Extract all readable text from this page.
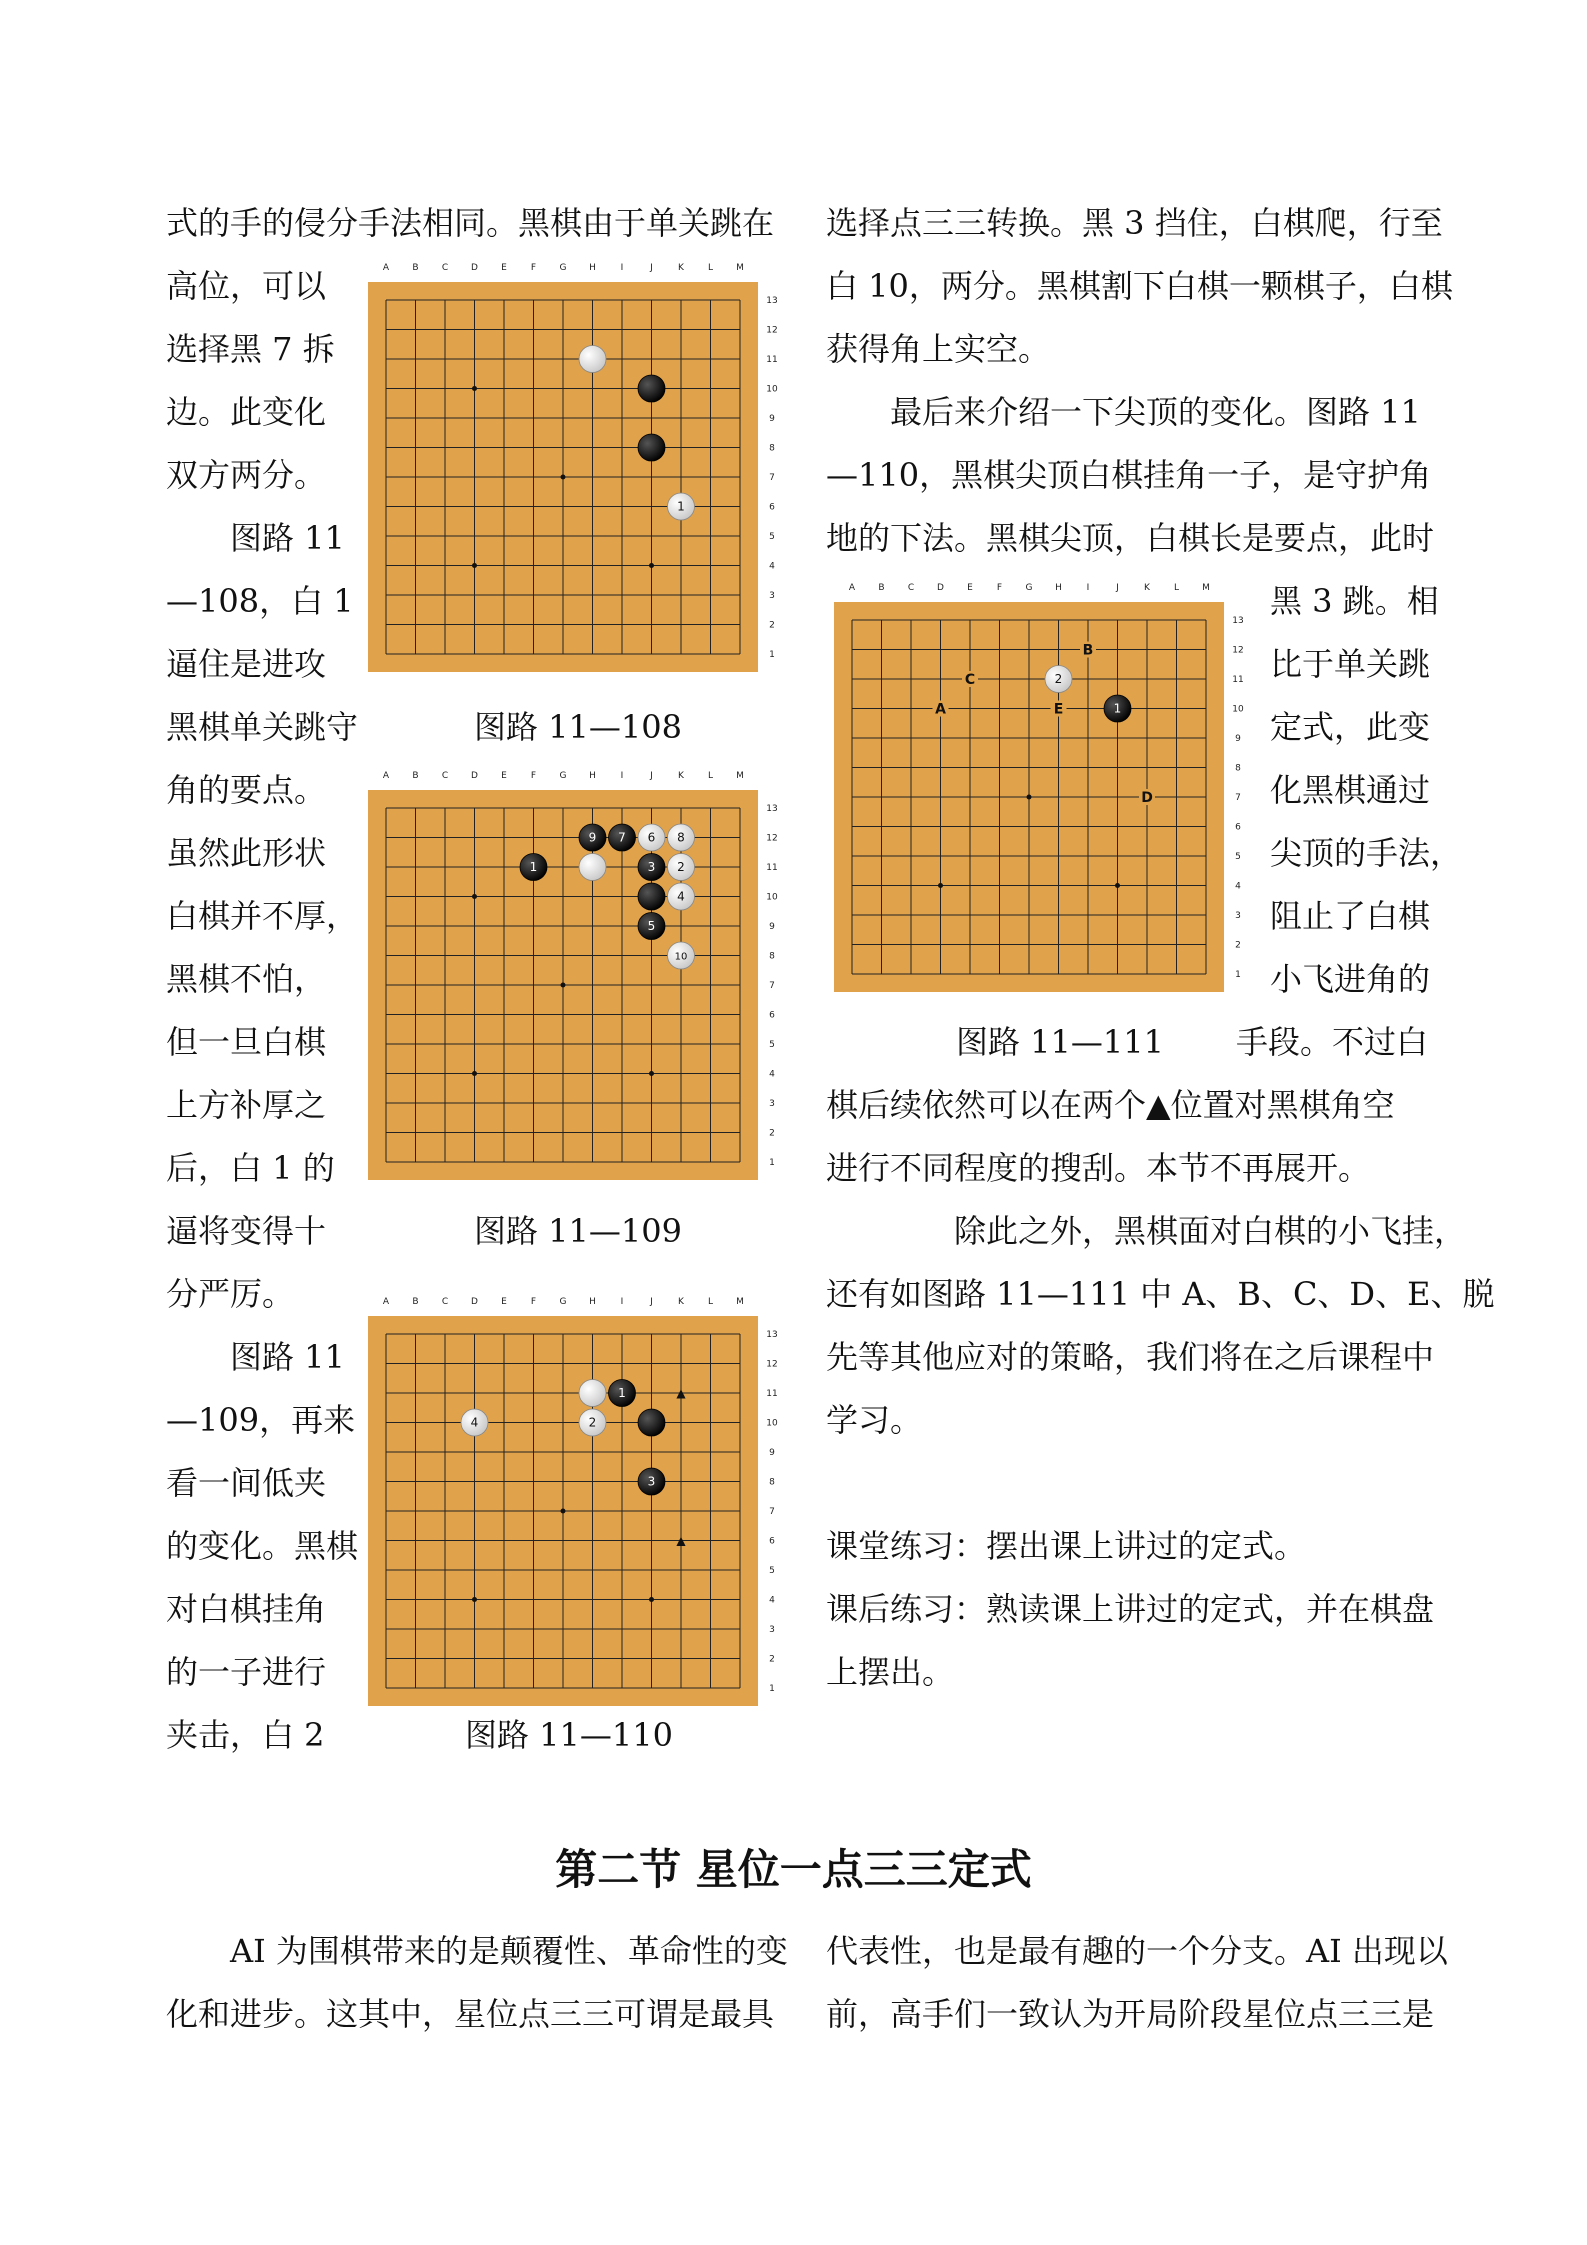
式的手的侵分手法相同。黑棋由于单关跳在
高位，可以
选择黑 7 拆
边。此变化
双方两分。
图路 11
—108，白 1
逼住是进攻
黑棋单关跳守
角的要点。
虽然此形状
白棋并不厚，
黑棋不怕，
但一旦白棋
上方补厚之
后，白 1 的
逼将变得十
分严厉。
图路 11
—109，再来
看一间低夹
的变化。黑棋
对白棋挂角
的一子进行
夹击，白 2
选择点三三转换。黑 3 挡住，白棋爬，行至
白 10，两分。黑棋割下白棋一颗棋子，白棋
获得角上实空。
最后来介绍一下尖顶的变化。图路 11
—110，黑棋尖顶白棋挂角一子，是守护角
地的下法。黑棋尖顶，白棋长是要点，此时
黑 3 跳。相
比于单关跳
定式，此变
化黑棋通过
尖顶的手法，
阻止了白棋
小飞进角的
手段。不过白
棋后续依然可以在两个▲位置对黑棋角空
进行不同程度的搜刮。本节不再展开。
除此之外，黑棋面对白棋的小飞挂，
还有如图路 11—111 中 A、B、C、D、E、脱
先等其他应对的策略，我们将在之后课程中
学习。
课堂练习：摆出课上讲过的定式。
课后练习：熟读课上讲过的定式，并在棋盘
上摆出。
图路 11—108
图路 11—109
图路 11—110
图路 11—111
A	B	C	D	E	F	G	H	I	J	K	L	M
13
12
11
10
9
8
7
6
5
4
3
2
1
1
A	B	C	D	E	F	G	H	I	J	K	L	M
13
12
11
10
9
8
7
6
5
4
3
2
1
1
9 7 6 8
3 2
4
5
10
A	B	C	D	E	F	G	H	I	J	K	L	M
13
12
11
10
9
8
7
6
5
4
3
2
1
1
4	2
3
▲
▲
A	B	C	D	E	F	G	H	I	J	K	L	M
13
12
11
10
9
8
7
6
5
4
3
2
1
2
1
B
C
A	E
D
第二节 星位一点三三定式
AI 为围棋带来的是颠覆性、革命性的变
化和进步。这其中，星位点三三可谓是最具
代表性，也是最有趣的一个分支。AI 出现以
前，高手们一致认为开局阶段星位点三三是
